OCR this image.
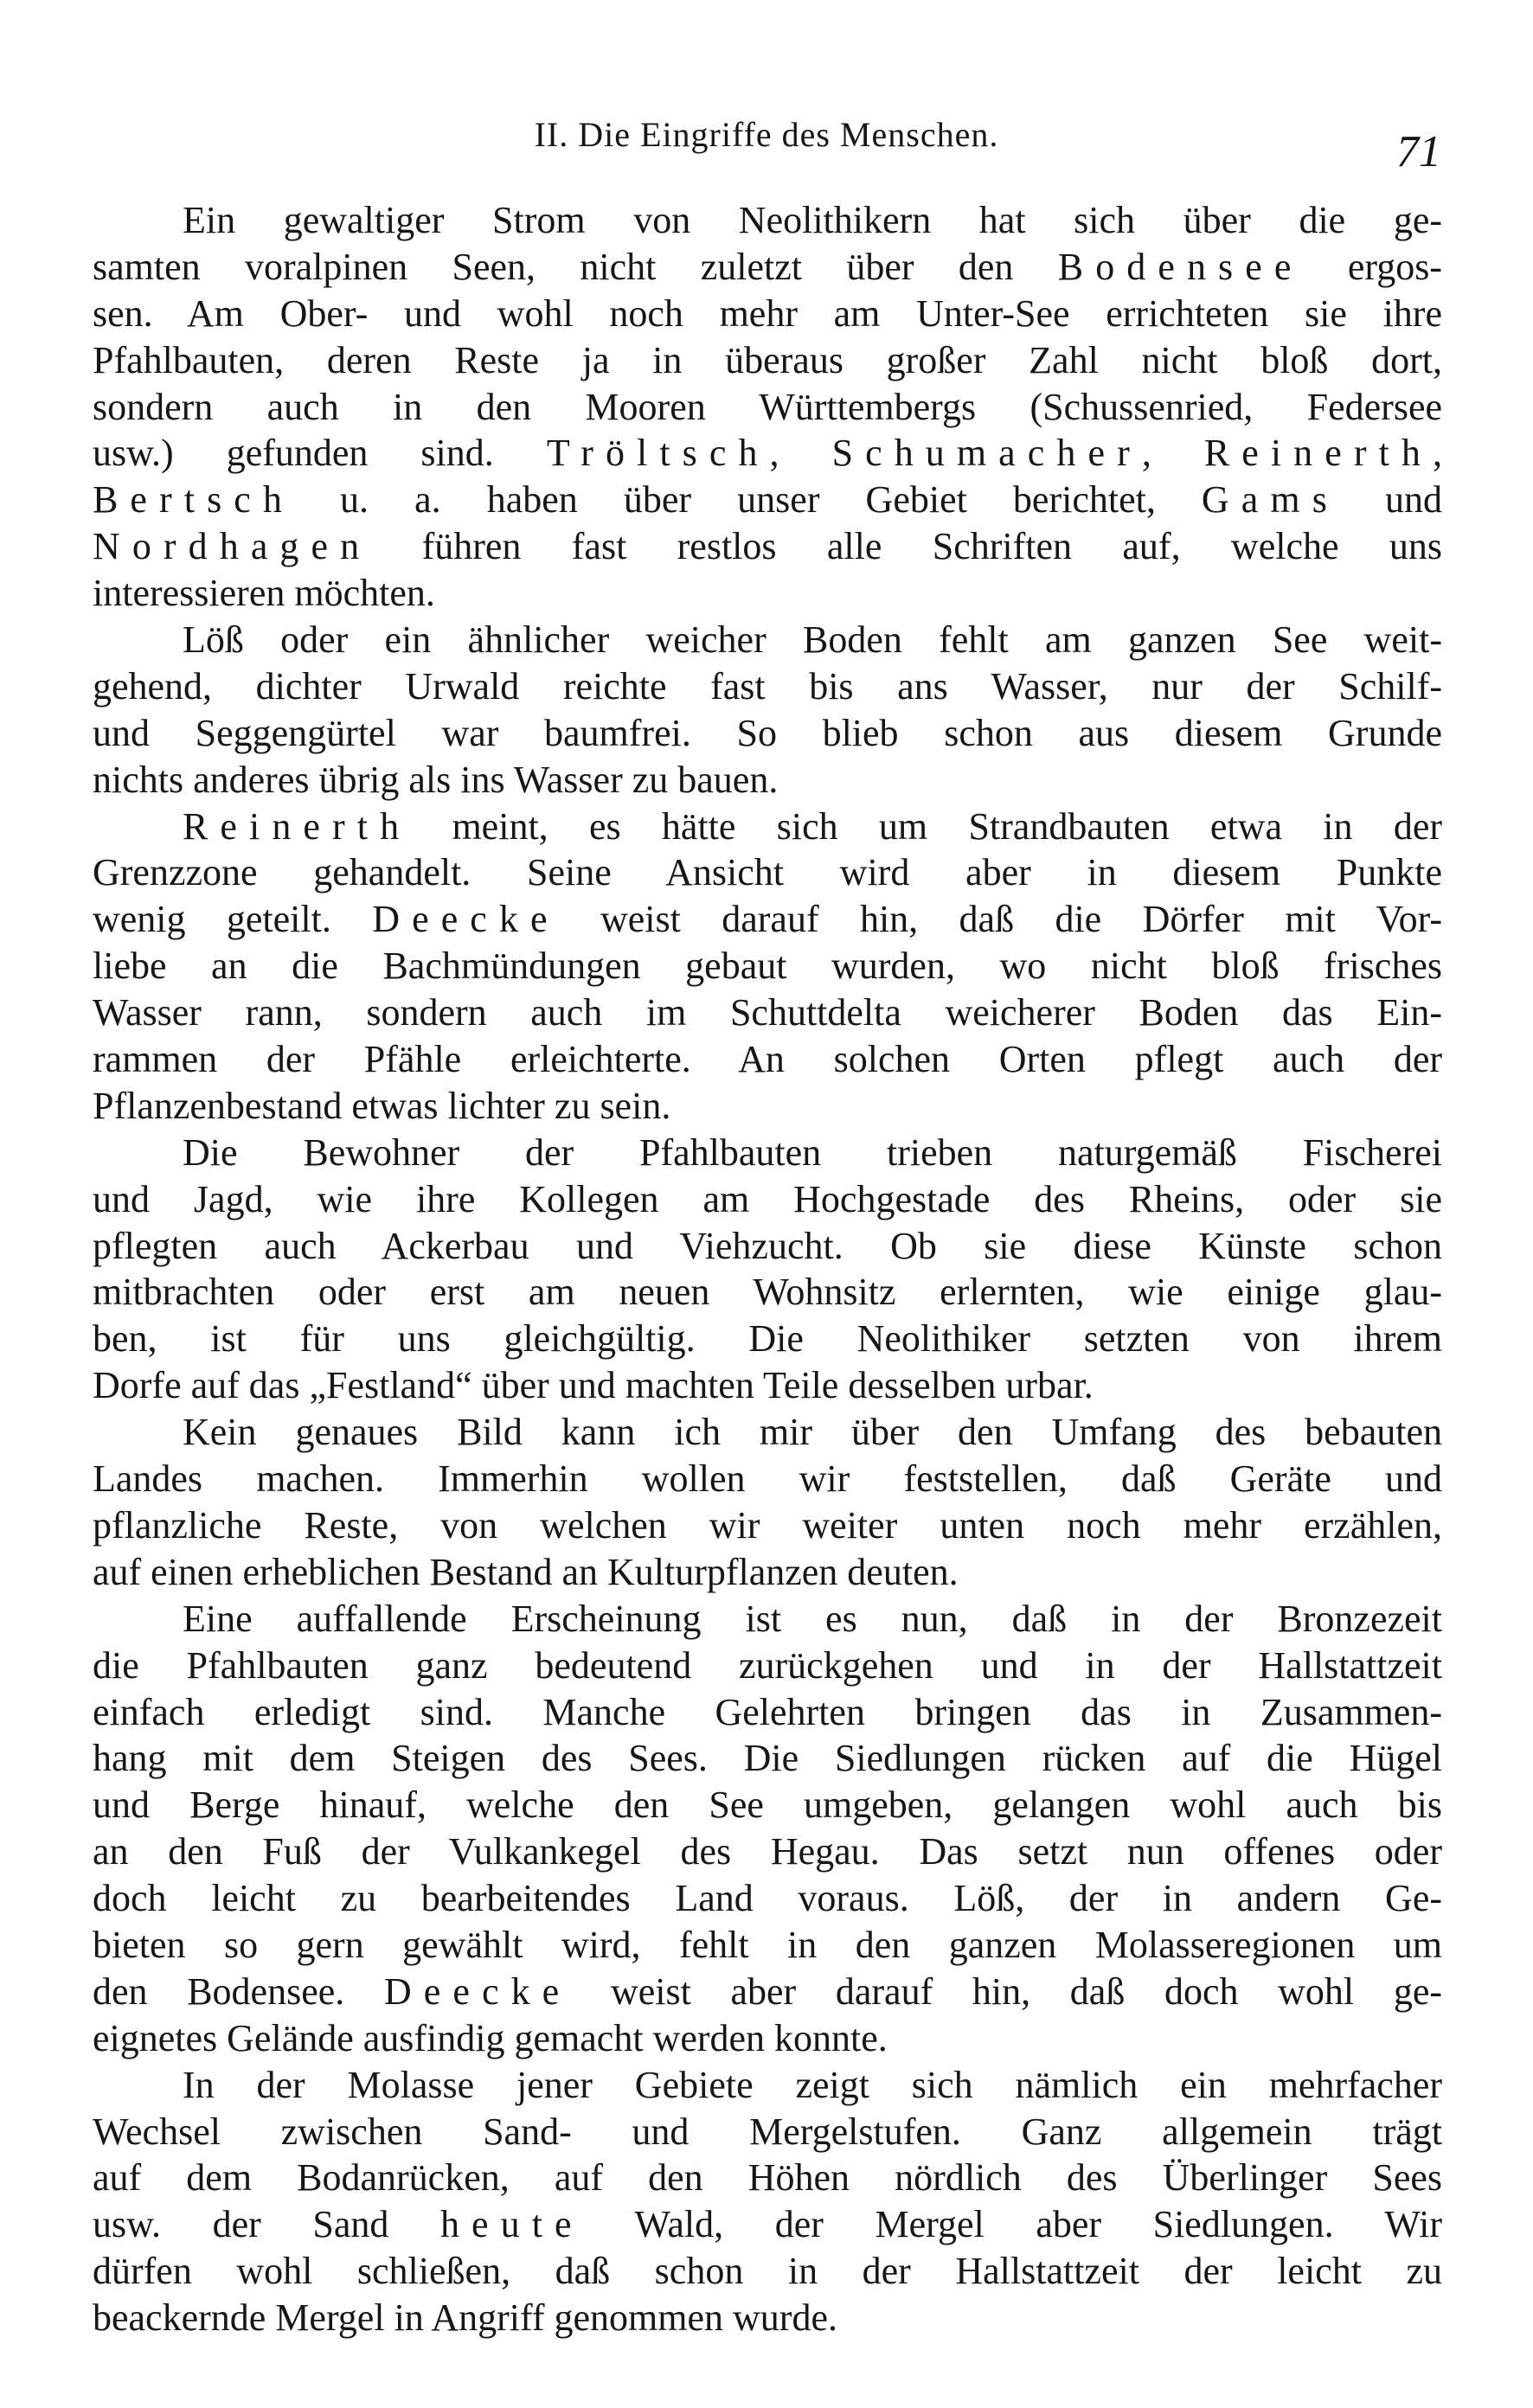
II. Die Eingriffe des Menschen.	71
Ein gewaltiger Strom von Neolithikern hat sich über die ge-
samten voralpinen Seen, nicht zuletzt über den Bodensee ergos-
sen. Am Ober- und wohl noch mehr am Unter-See errichteten sie ihre
Pfahlbauten, deren Reste ja in überaus großer Zahl nicht bloß dort,
sondern auch in den Mooren Württembergs (Schussenried, Federsee
usw.) gefunden sind. Tröltsch, Schumacher, Reinerth,
Bertsch u. a. haben über unser Gebiet berichtet, Gams und
Nordhagen führen fast restlos alle Schriften auf, welche uns
interessieren möchten.
Löß oder ein ähnlicher weicher Boden fehlt am ganzen See weit-
gehend, dichter Urwald reichte fast bis ans Wasser, nur der Schilf-
und Seggengürtel war baumfrei. So blieb schon aus diesem Grunde
nichts anderes übrig als ins Wasser zu bauen.
Reinerth meint, es hätte sich um Strandbauten etwa in der
Grenzzone gehandelt. Seine Ansicht wird aber in diesem Punkte
wenig geteilt. Deecke weist darauf hin, daß die Dörfer mit Vor-
liebe an die Bachmündungen gebaut wurden, wo nicht bloß frisches
Wasser rann, sondern auch im Schuttdelta weicherer Boden das Ein-
rammen der Pfähle erleichterte. An solchen Orten pflegt auch der
Pflanzenbestand etwas lichter zu sein.
Die Bewohner der Pfahlbauten trieben naturgemäß Fischerei
und Jagd, wie ihre Kollegen am Hochgestade des Rheins, oder sie
pflegten auch Ackerbau und Viehzucht. Ob sie diese Künste schon
mitbrachten oder erst am neuen Wohnsitz erlernten, wie einige glau-
ben, ist für uns gleichgültig. Die Neolithiker setzten von ihrem
Dorfe auf das „Festland“ über und machten Teile desselben urbar.
Kein genaues Bild kann ich mir über den Umfang des bebauten
Landes machen. Immerhin wollen wir feststellen, daß Geräte und
pflanzliche Reste, von welchen wir weiter unten noch mehr erzählen,
auf einen erheblichen Bestand an Kulturpflanzen deuten.
Eine auffallende Erscheinung ist es nun, daß in der Bronzezeit
die Pfahlbauten ganz bedeutend zurückgehen und in der Hallstattzeit
einfach erledigt sind. Manche Gelehrten bringen das in Zusammen-
hang mit dem Steigen des Sees. Die Siedlungen rücken auf die Hügel
und Berge hinauf, welche den See umgeben, gelangen wohl auch bis
an den Fuß der Vulkankegel des Hegau. Das setzt nun offenes oder
doch leicht zu bearbeitendes Land voraus. Löß, der in andern Ge-
bieten so gern gewählt wird, fehlt in den ganzen Molasseregionen um
den Bodensee. Deecke weist aber darauf hin, daß doch wohl ge-
eignetes Gelände ausfindig gemacht werden konnte.
In der Molasse jener Gebiete zeigt sich nämlich ein mehrfacher
Wechsel zwischen Sand- und Mergelstufen. Ganz allgemein trägt
auf dem Bodanrücken, auf den Höhen nördlich des Überlinger Sees
usw. der Sand heute Wald, der Mergel aber Siedlungen. Wir
dürfen wohl schließen, daß schon in der Hallstattzeit der leicht zu
beackernde Mergel in Angriff genommen wurde.
